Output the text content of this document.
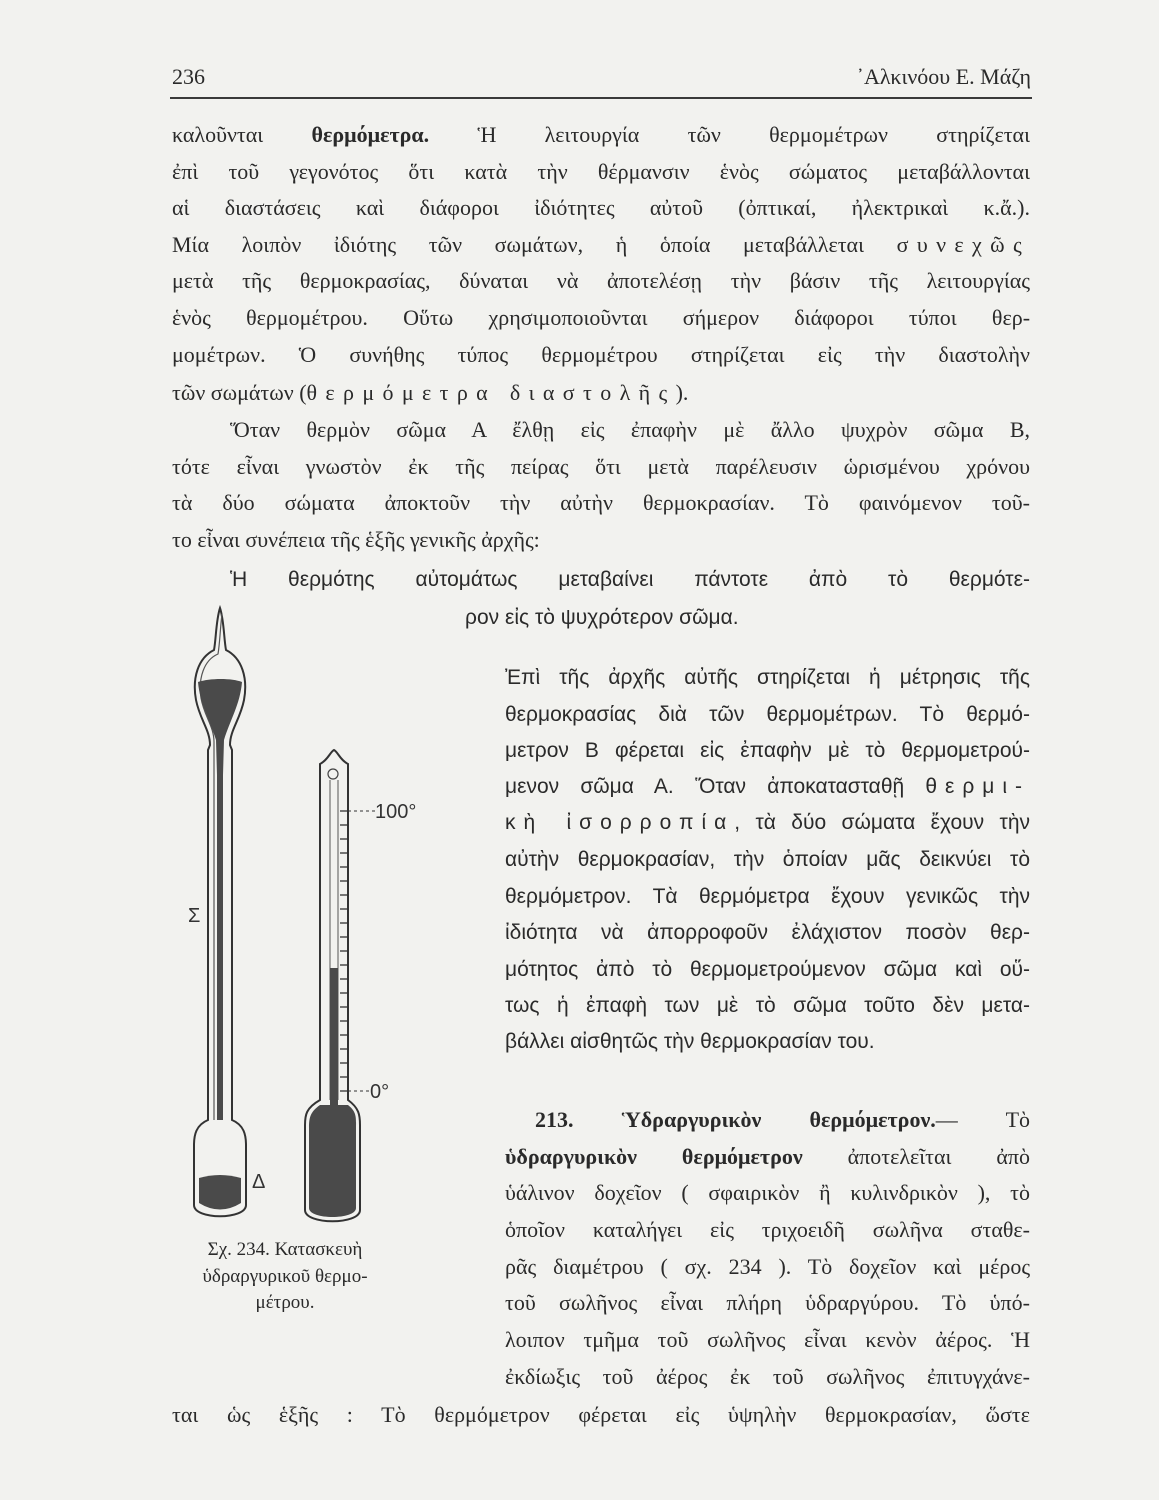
236	᾿Αλκινόου Ε. Μάζη
καλοῦνται θερμόμετρα. Ἡ λειτουργία τῶν θερμομέτρων στηρίζεται
ἐπὶ τοῦ γεγονότος ὅτι κατὰ τὴν θέρμανσιν ἑνὸς σώματος μεταβάλλονται
αἱ διαστάσεις καὶ διάφοροι ἰδιότητες αὐτοῦ (ὀπτικαί, ἠλεκτρικαὶ κ.ἄ.).
Μία λοιπὸν ἰδιότης τῶν σωμάτων, ἡ ὁποία μεταβάλλεται συνεχῶς
μετὰ τῆς θερμοκρασίας, δύναται νὰ ἀποτελέσῃ τὴν βάσιν τῆς λειτουργίας
ἑνὸς θερμομέτρου. Οὕτω χρησιμοποιοῦνται σήμερον διάφοροι τύποι θερ-
μομέτρων. Ὁ συνήθης τύπος θερμομέτρου στηρίζεται εἰς τὴν διαστολὴν
τῶν σωμάτων (θερμόμετρα διαστολῆς).
Ὅταν θερμὸν σῶμα Α ἔλθῃ εἰς ἐπαφὴν μὲ ἄλλο ψυχρὸν σῶμα Β,
τότε εἶναι γνωστὸν ἐκ τῆς πείρας ὅτι μετὰ παρέλευσιν ὡρισμένου χρόνου
τὰ δύο σώματα ἀποκτοῦν τὴν αὐτὴν θερμοκρασίαν. Τὸ φαινόμενον τοῦ-
το εἶναι συνέπεια τῆς ἑξῆς γενικῆς ἀρχῆς:
Ἡ θερμότης αὐτομάτως μεταβαίνει πάντοτε ἀπὸ τὸ θερμότε-
ρον εἰς τὸ ψυχρότερον σῶμα.
Ἐπὶ τῆς ἀρχῆς αὐτῆς στηρίζεται ἡ μέτρησις τῆς
θερμοκρασίας διὰ τῶν θερμομέτρων. Τὸ θερμό-
μετρον Β φέρεται εἰς ἐπαφὴν μὲ τὸ θερμομετρού-
μενον σῶμα Α. Ὅταν ἀποκατασταθῇ θερμι-
κὴ ἰσορροπία, τὰ δύο σώματα ἔχουν τὴν
αὐτὴν θερμοκρασίαν, τὴν ὁποίαν μᾶς δεικνύει τὸ
θερμόμετρον. Τὰ θερμόμετρα ἔχουν γενικῶς τὴν
ἰδιότητα νὰ ἀπορροφοῦν ἐλάχιστον ποσὸν θερ-
μότητος ἀπὸ τὸ θερμομετρούμενον σῶμα καὶ οὕ-
τως ἡ ἐπαφὴ των μὲ τὸ σῶμα τοῦτο δὲν μετα-
βάλλει αἰσθητῶς τὴν θερμοκρασίαν του.
213. Ὑδραργυρικὸν θερμόμετρον.— Τὸ
ὑδραργυρικὸν θερμόμετρον ἀποτελεῖται ἀπὸ
ὑάλινον δοχεῖον ( σφαιρικὸν ἢ κυλινδρικὸν ), τὸ
ὁποῖον καταλήγει εἰς τριχοειδῆ σωλῆνα σταθε-
ρᾶς διαμέτρου ( σχ. 234 ). Τὸ δοχεῖον καὶ μέρος
τοῦ σωλῆνος εἶναι πλήρη ὑδραργύρου. Τὸ ὑπό-
λοιπον τμῆμα τοῦ σωλῆνος εἶναι κενὸν ἀέρος. Ἡ
ἐκδίωξις τοῦ ἀέρος ἐκ τοῦ σωλῆνος ἐπιτυγχάνε-
ται ὡς ἑξῆς : Τὸ θερμόμετρον φέρεται εἰς ὑψηλὴν θερμοκρασίαν, ὥστε
Σ
Δ
100°
0°
Σχ. 234. Κατασκευὴ
ὑδραργυρικοῦ θερμο-
μέτρου.
